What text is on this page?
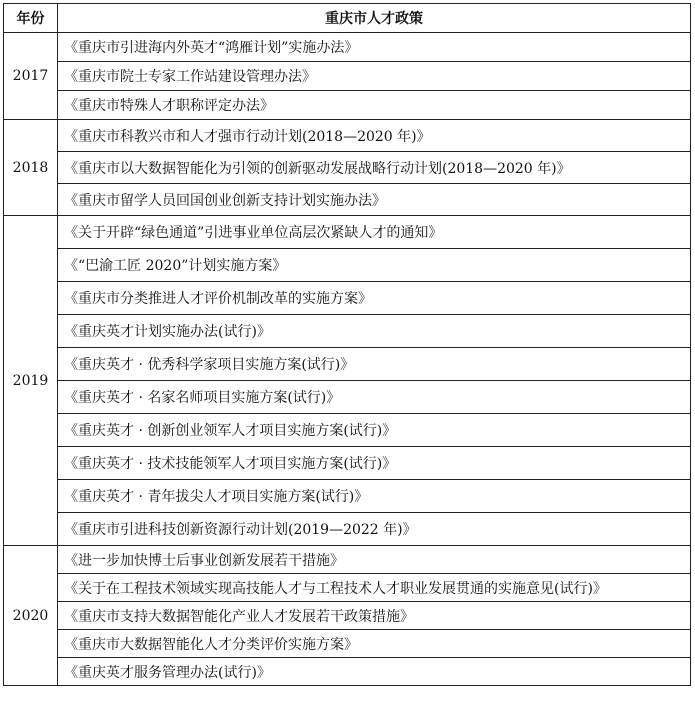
年份	重庆市人才政策
2017	《重庆市引进海内外英才“鸿雁计划”实施办法》
	《重庆市院士专家工作站建设管理办法》
	《重庆市特殊人才职称评定办法》
2018	《重庆市科教兴市和人才强市行动计划(2018—2020 年)》
	《重庆市以大数据智能化为引领的创新驱动发展战略行动计划(2018—2020 年)》
	《重庆市留学人员回国创业创新支持计划实施办法》
2019	《关于开辟“绿色通道”引进事业单位高层次紧缺人才的通知》
	《“巴渝工匠 2020”计划实施方案》
	《重庆市分类推进人才评价机制改革的实施方案》
	《重庆英才计划实施办法(试行)》
	《重庆英才 · 优秀科学家项目实施方案(试行)》
	《重庆英才 · 名家名师项目实施方案(试行)》
	《重庆英才 · 创新创业领军人才项目实施方案(试行)》
	《重庆英才 · 技术技能领军人才项目实施方案(试行)》
	《重庆英才 · 青年拔尖人才项目实施方案(试行)》
	《重庆市引进科技创新资源行动计划(2019—2022 年)》
2020	《进一步加快博士后事业创新发展若干措施》
	《关于在工程技术领域实现高技能人才与工程技术人才职业发展贯通的实施意见(试行)》
	《重庆市支持大数据智能化产业人才发展若干政策措施》
	《重庆市大数据智能化人才分类评价实施方案》
	《重庆英才服务管理办法(试行)》
